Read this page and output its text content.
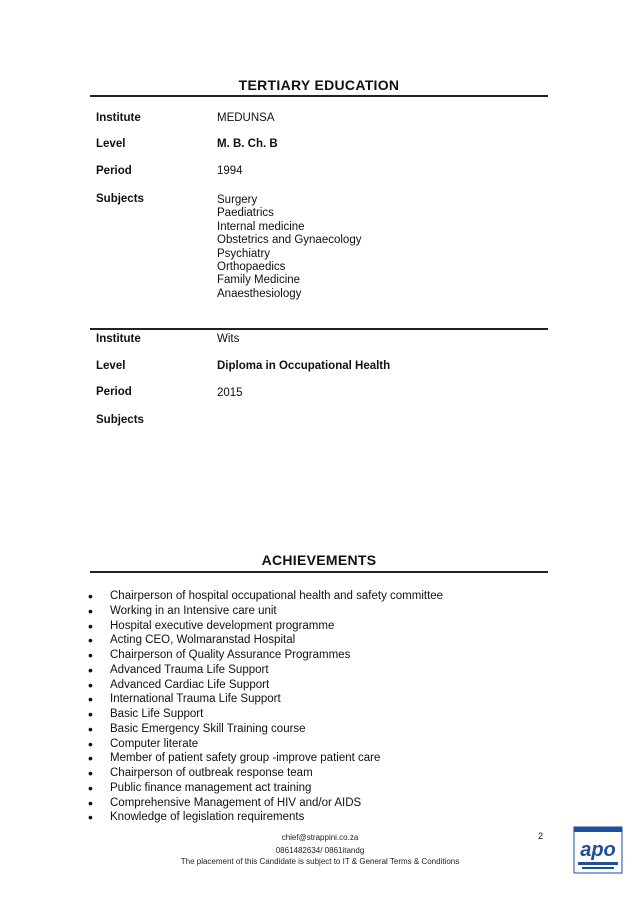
TERTIARY EDUCATION
Institute	MEDUNSA
Level	M. B. Ch. B
Period	1994
Subjects	Surgery
Paediatrics
Internal medicine
Obstetrics and Gynaecology
Psychiatry
Orthopaedics
Family Medicine
Anaesthesiology
Institute	Wits
Level	Diploma in Occupational Health
Period	2015
Subjects
ACHIEVEMENTS
• Chairperson of hospital occupational health and safety committee
• Working in an Intensive care unit
• Hospital executive development programme
• Acting CEO, Wolmaranstad Hospital
• Chairperson of Quality Assurance Programmes
• Advanced Trauma Life Support
• Advanced Cardiac Life Support
• International Trauma Life Support
• Basic Life Support
• Basic Emergency Skill Training course
• Computer literate
• Member of patient safety group -improve patient care
• Chairperson of outbreak response team
• Public finance management act training
• Comprehensive Management of HIV and/or AIDS
• Knowledge of legislation requirements
chief@strappini.co.za
0861482634/ 0861itandg
The placement of this Candidate is subject to IT & General Terms & Conditions
2
apo
